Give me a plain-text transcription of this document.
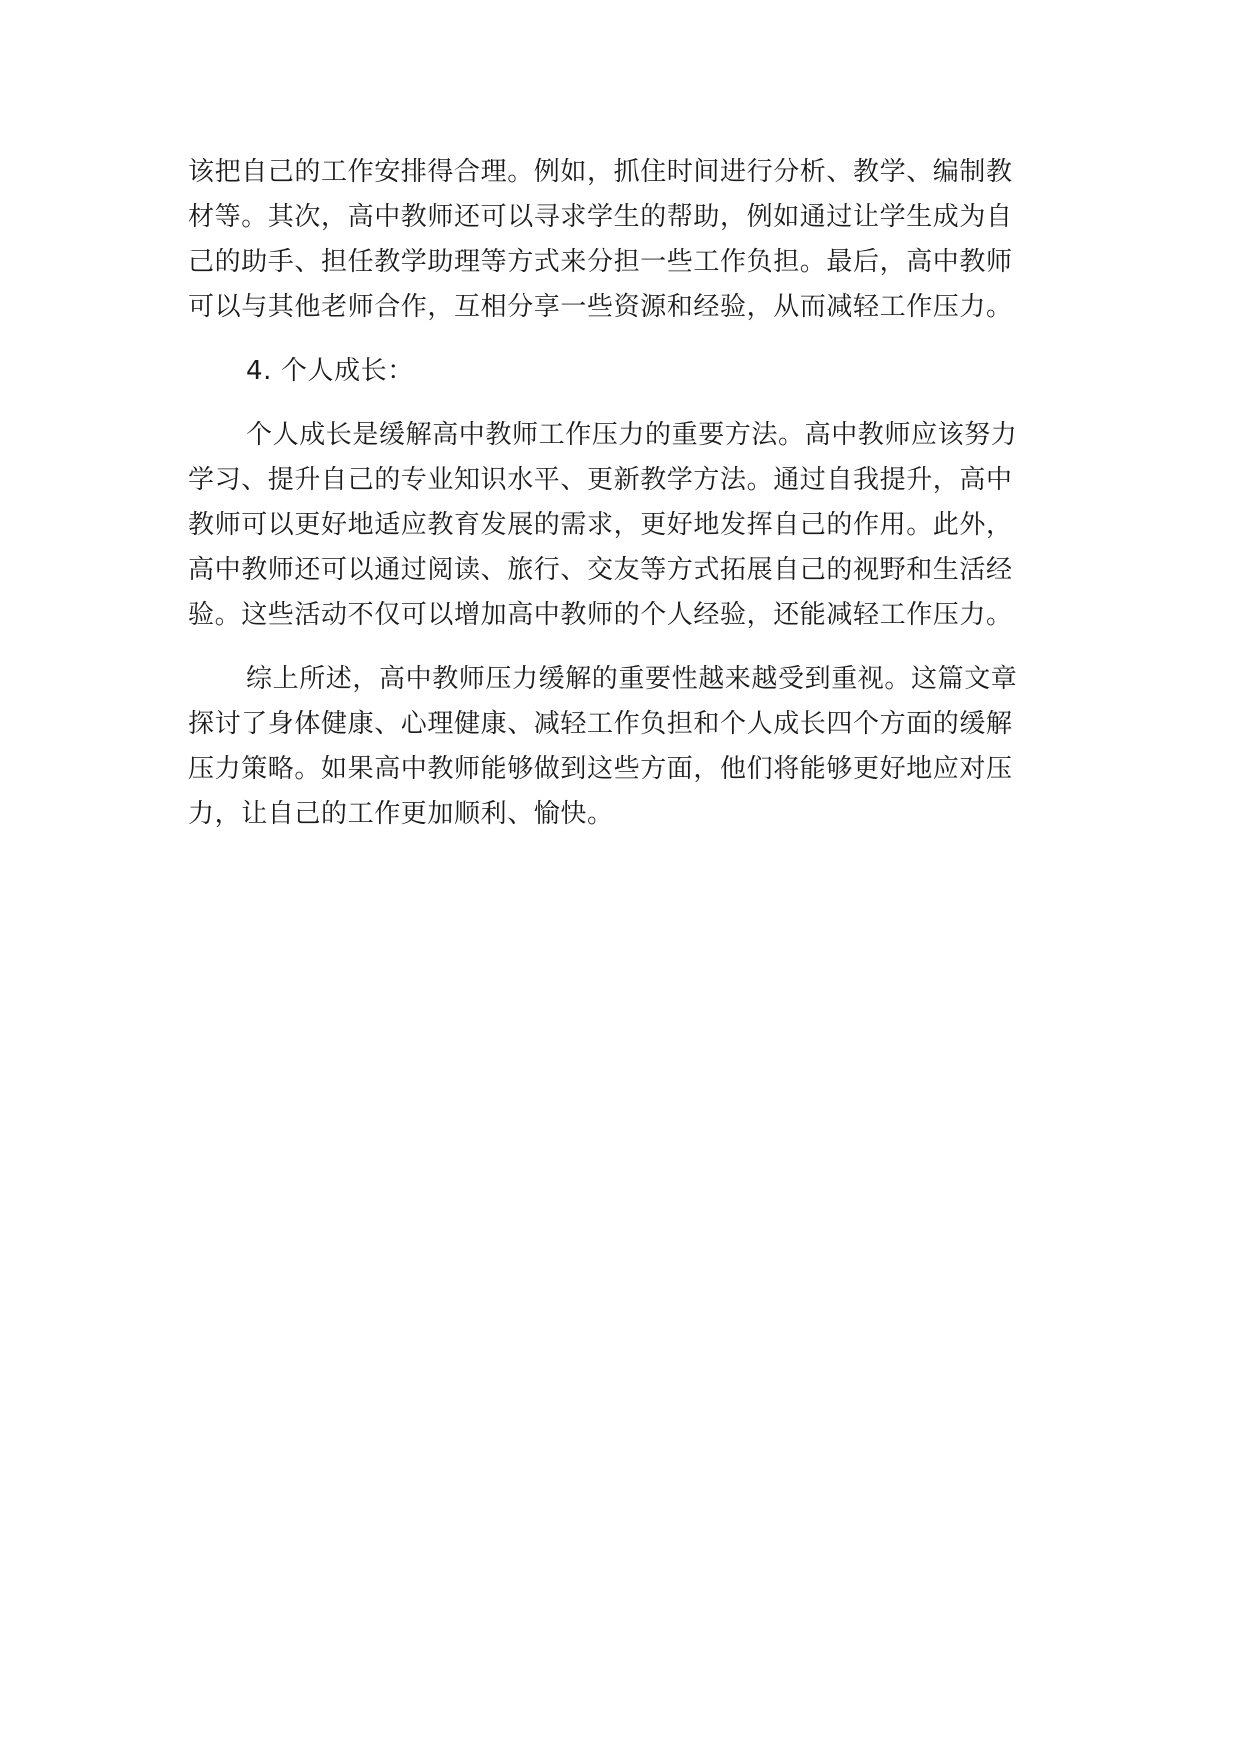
该把自己的工作安排得合理。例如，抓住时间进行分析、教学、编制教
材等。其次，高中教师还可以寻求学生的帮助，例如通过让学生成为自
己的助手、担任教学助理等方式来分担一些工作负担。最后，高中教师
可以与其他老师合作，互相分享一些资源和经验，从而减轻工作压力。

4. 个人成长：

个人成长是缓解高中教师工作压力的重要方法。高中教师应该努力
学习、提升自己的专业知识水平、更新教学方法。通过自我提升，高中
教师可以更好地适应教育发展的需求，更好地发挥自己的作用。此外，
高中教师还可以通过阅读、旅行、交友等方式拓展自己的视野和生活经
验。这些活动不仅可以增加高中教师的个人经验，还能减轻工作压力。

综上所述，高中教师压力缓解的重要性越来越受到重视。这篇文章
探讨了身体健康、心理健康、减轻工作负担和个人成长四个方面的缓解
压力策略。如果高中教师能够做到这些方面，他们将能够更好地应对压
力，让自己的工作更加顺利、愉快。
